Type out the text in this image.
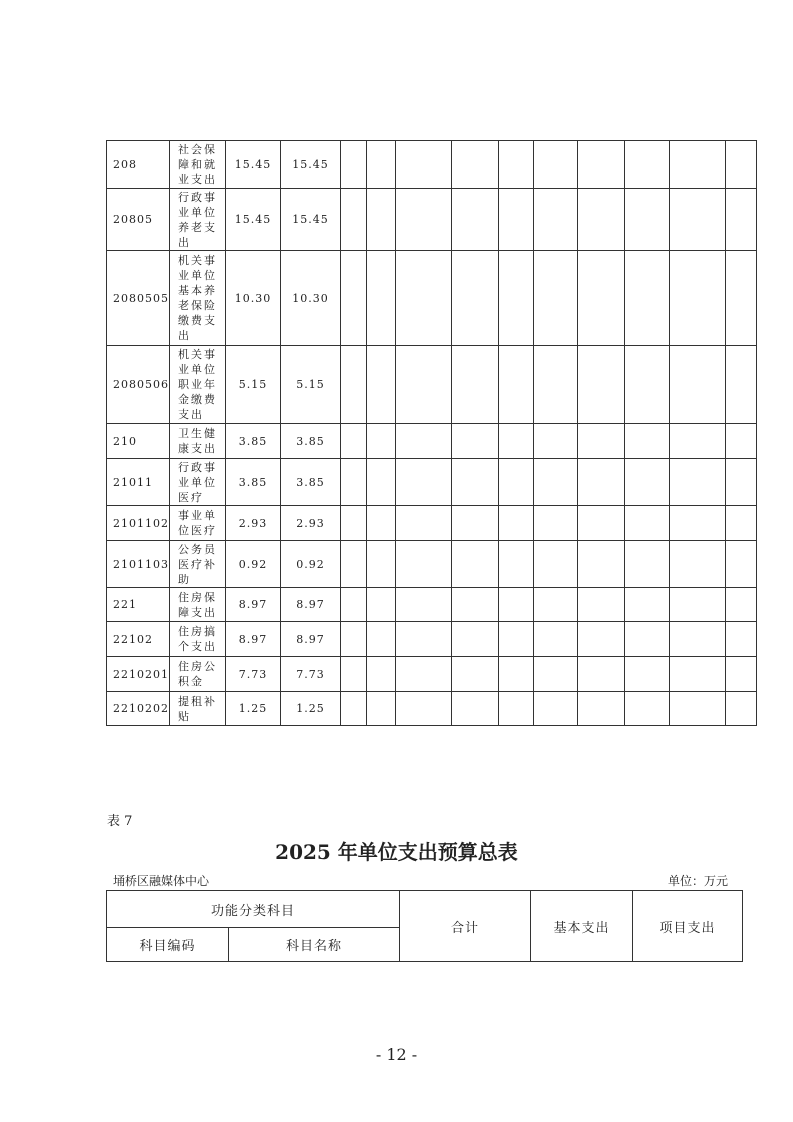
208	社会保障和就业支出	15.45	15.45										
20805	行政事业单位养老支出	15.45	15.45										
2080505	机关事业单位基本养老保险缴费支出	10.30	10.30										
2080506	机关事业单位职业年金缴费支出	5.15	5.15										
210	卫生健康支出	3.85	3.85										
21011	行政事业单位医疗	3.85	3.85										
2101102	事业单位医疗	2.93	2.93										
2101103	公务员医疗补助	0.92	0.92										
221	住房保障支出	8.97	8.97										
22102	住房搞个支出	8.97	8.97										
2210201	住房公积金	7.73	7.73										
2210202	提租补贴	1.25	1.25										
表 7
2025 年单位支出预算总表
埇桥区融媒体中心	单位：万元
功能分类科目		合计	基本支出	项目支出
科目编码	科目名称			
- 12 -
